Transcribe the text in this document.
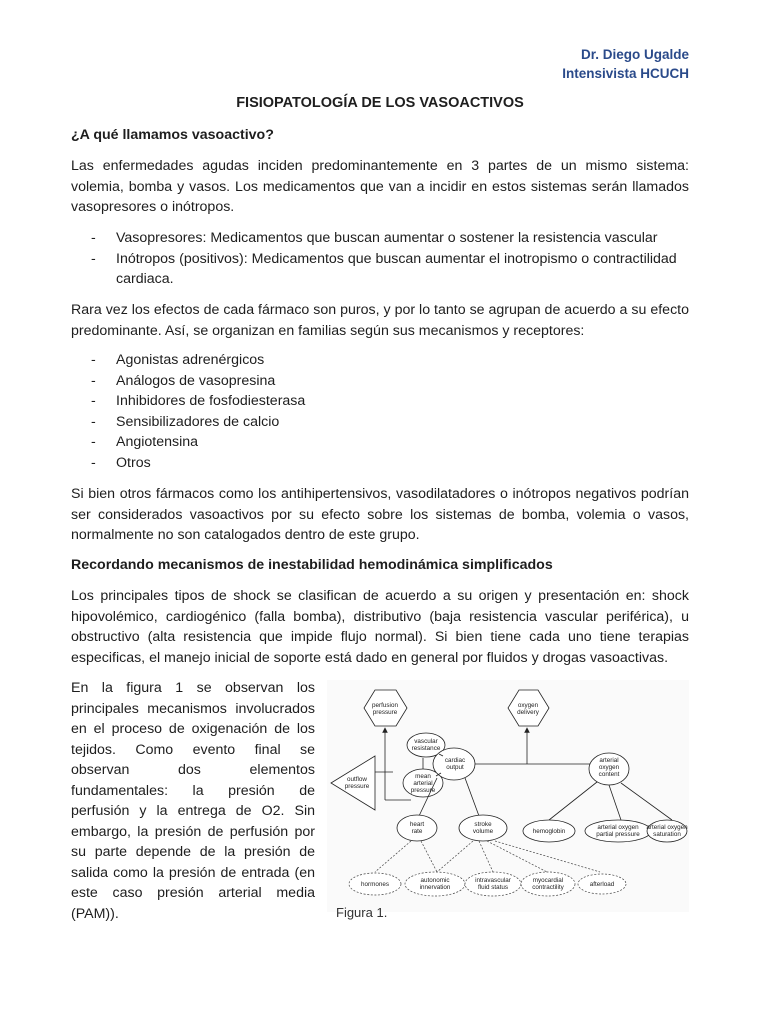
Dr. Diego Ugalde
Intensivista HCUCH
FISIOPATOLOGÍA DE LOS VASOACTIVOS
¿A qué llamamos vasoactivo?

Las enfermedades agudas inciden predominantemente en 3 partes de un mismo sistema: volemia, bomba y vasos. Los medicamentos que van a incidir en estos sistemas serán llamados vasopresores o inótropos.

- Vasopresores: Medicamentos que buscan aumentar o sostener la resistencia vascular
- Inótropos (positivos): Medicamentos que buscan aumentar el inotropismo o contractilidad cardiaca.

Rara vez los efectos de cada fármaco son puros, y por lo tanto se agrupan de acuerdo a su efecto predominante. Así, se organizan en familias según sus mecanismos y receptores:

- Agonistas adrenérgicos
- Análogos de vasopresina
- Inhibidores de fosfodiesterasa
- Sensibilizadores de calcio
- Angiotensina
- Otros

Si bien otros fármacos como los antihipertensivos, vasodilatadores o inótropos negativos podrían ser considerados vasoactivos por su efecto sobre los sistemas de bomba, volemia o vasos, normalmente no son catalogados dentro de este grupo.

Recordando mecanismos de inestabilidad hemodinámica simplificados

Los principales tipos de shock se clasifican de acuerdo a su origen y presentación en: shock hipovolémico, cardiogénico (falla bomba), distributivo (baja resistencia vascular periférica), u obstructivo (alta resistencia que impide flujo normal). Si bien tiene cada uno tiene terapias especificas, el manejo inicial de soporte está dado en general por fluidos y drogas vasoactivas.

En la figura 1 se observan los principales mecanismos involucrados en el proceso de oxigenación de los tejidos. Como evento final se observan dos elementos fundamentales: la presión de perfusión y la entrega de O2. Sin embargo, la presión de perfusión por su parte depende de la presión de salida como la presión de entrada (en este caso presión arterial media (PAM)).

perfusion
pressure
oxygen
delivery
outflow
pressure
vascular
resistance
cardiac
output
mean
arterial
pressure
arterial
oxygen
content
heart
rate
stroke
volume	hemoglobin
arterial oxygen
partial pressure
arterial oxygen
saturation
hormones
autonomic
innervation
intravascular
fluid status
myocardial
contractility	afterload
Figura 1.
